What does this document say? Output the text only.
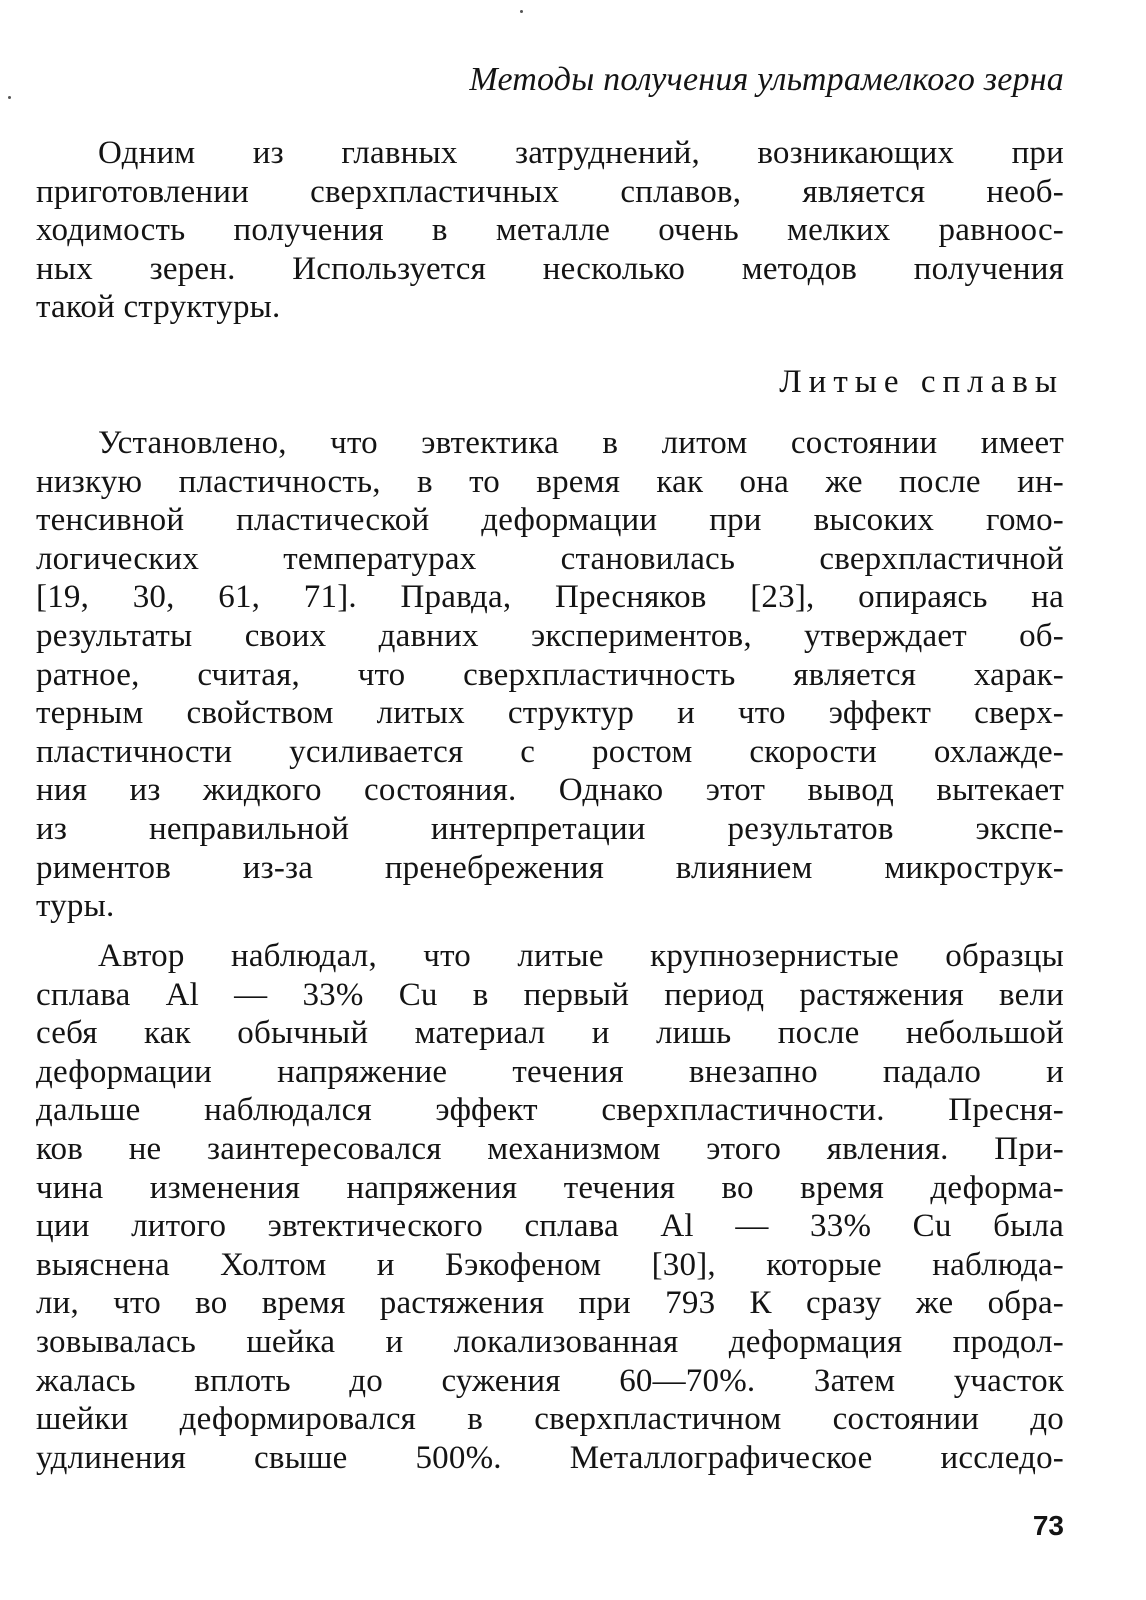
Методы получения ультрамелкого зерна
Одним из главных затруднений, возникающих при
приготовлении сверхпластичных сплавов, является необ-
ходимость получения в металле очень мелких равноос-
ных зерен. Используется несколько методов получения
такой структуры.
Литые сплавы
Установлено, что эвтектика в литом состоянии имеет
низкую пластичность, в то время как она же после ин-
тенсивной пластической деформации при высоких гомо-
логических температурах становилась сверхпластичной
[19, 30, 61, 71]. Правда, Пресняков [23], опираясь на
результаты своих давних экспериментов, утверждает об-
ратное, считая, что сверхпластичность является харак-
терным свойством литых структур и что эффект сверх-
пластичности усиливается с ростом скорости охлажде-
ния из жидкого состояния. Однако этот вывод вытекает
из неправильной интерпретации результатов экспе-
риментов из-за пренебрежения влиянием микрострук-
туры.
Автор наблюдал, что литые крупнозернистые образцы
сплава Al — 33% Cu в первый период растяжения вели
себя как обычный материал и лишь после небольшой
деформации напряжение течения внезапно падало и
дальше наблюдался эффект сверхпластичности. Пресня-
ков не заинтересовался механизмом этого явления. При-
чина изменения напряжения течения во время деформа-
ции литого эвтектического сплава Al — 33% Cu была
выяснена Холтом и Бэкофеном [30], которые наблюда-
ли, что во время растяжения при 793 К сразу же обра-
зовывалась шейка и локализованная деформация продол-
жалась вплоть до сужения 60—70%. Затем участок
шейки деформировался в сверхпластичном состоянии до
удлинения свыше 500%. Металлографическое исследо-
73
